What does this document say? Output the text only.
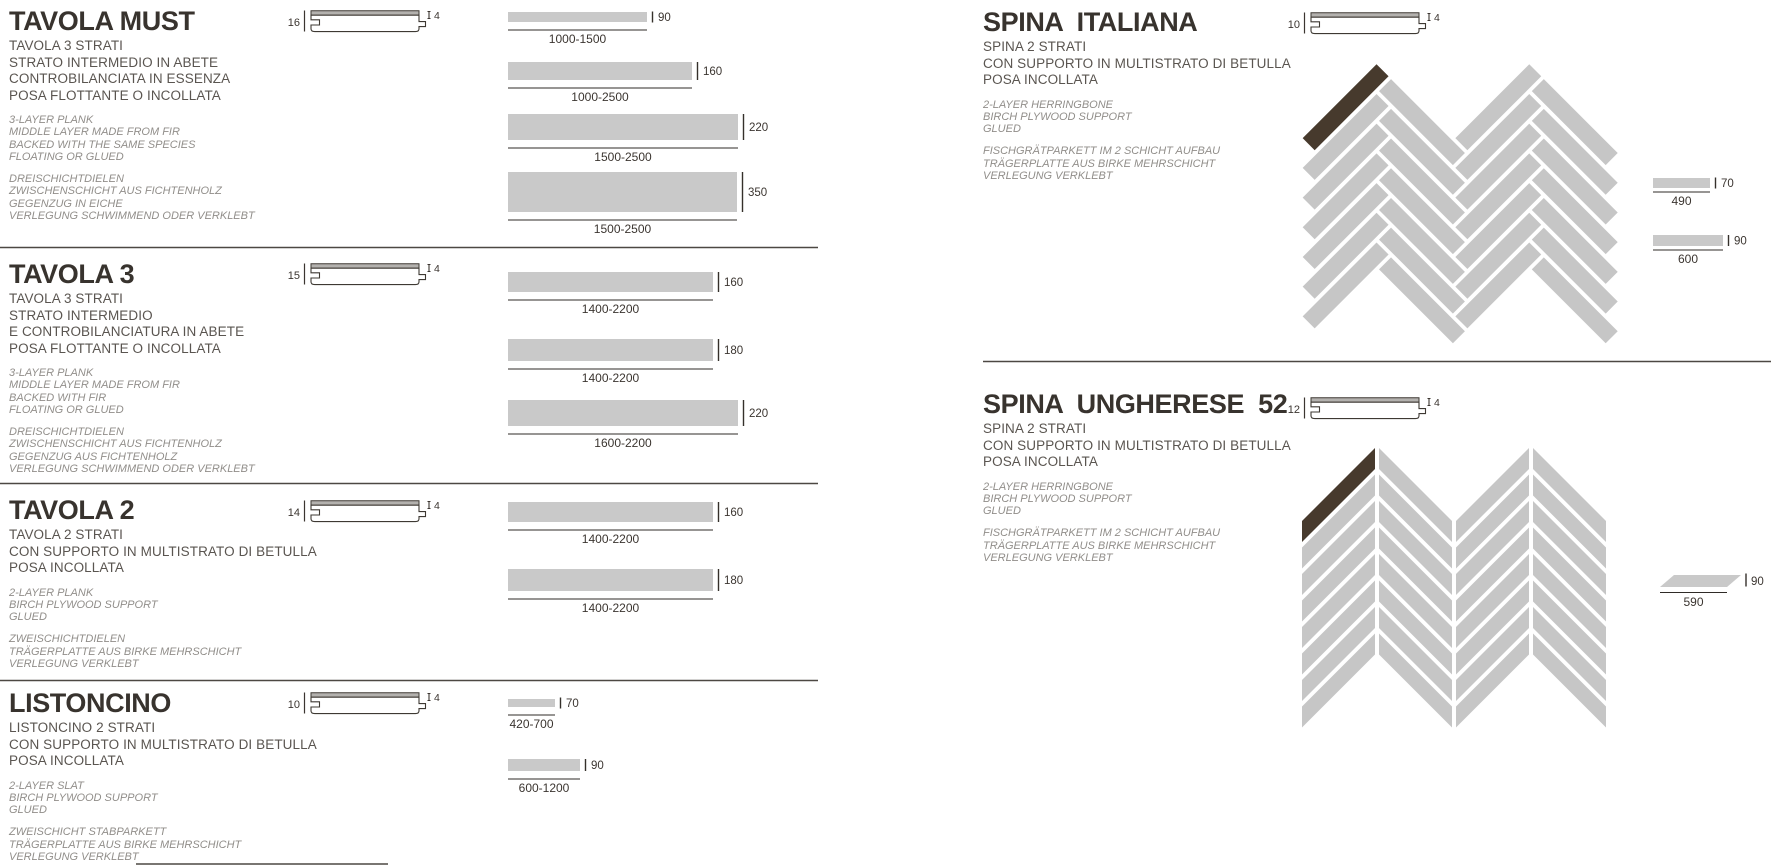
16
4
15
4
14
4
10
4
10
4
12
4
90
1000-1500
160
1000-2500
220
1500-2500
350
1500-2500
160
1400-2200
180
1400-2200
220
1600-2200
160
1400-2200
180
1400-2200
70
420-700
90
600-1200
70
490
90
600
90
590
TAVOLA MUST
TAVOLA 3 STRATI
STRATO INTERMEDIO IN ABETE
CONTROBILANCIATA IN ESSENZA
POSA FLOTTANTE O INCOLLATA
3-LAYER PLANK
MIDDLE LAYER MADE FROM FIR
BACKED WITH THE SAME SPECIES
FLOATING OR GLUED
DREISCHICHTDIELEN
ZWISCHENSCHICHT AUS FICHTENHOLZ
GEGENZUG IN EICHE
VERLEGUNG SCHWIMMEND ODER VERKLEBT
TAVOLA 3
TAVOLA 3 STRATI
STRATO INTERMEDIO
E CONTROBILANCIATURA IN ABETE
POSA FLOTTANTE O INCOLLATA
3-LAYER PLANK
MIDDLE LAYER MADE FROM FIR
BACKED WITH FIR
FLOATING OR GLUED
DREISCHICHTDIELEN
ZWISCHENSCHICHT AUS FICHTENHOLZ
GEGENZUG AUS FICHTENHOLZ
VERLEGUNG SCHWIMMEND ODER VERKLEBT
TAVOLA 2
TAVOLA 2 STRATI
CON SUPPORTO IN MULTISTRATO DI BETULLA
POSA INCOLLATA
2-LAYER PLANK
BIRCH PLYWOOD SUPPORT
GLUED
ZWEISCHICHTDIELEN
TRÄGERPLATTE AUS BIRKE MEHRSCHICHT
VERLEGUNG VERKLEBT
LISTONCINO
LISTONCINO 2 STRATI
CON SUPPORTO IN MULTISTRATO DI BETULLA
POSA INCOLLATA
2-LAYER SLAT
BIRCH PLYWOOD SUPPORT
GLUED
ZWEISCHICHT STABPARKETT
TRÄGERPLATTE AUS BIRKE MEHRSCHICHT
VERLEGUNG VERKLEBT
SPINA ITALIANA
SPINA 2 STRATI
CON SUPPORTO IN MULTISTRATO DI BETULLA
POSA INCOLLATA
2-LAYER HERRINGBONE
BIRCH PLYWOOD SUPPORT
GLUED
FISCHGRÄTPARKETT IM 2 SCHICHT AUFBAU
TRÄGERPLATTE AUS BIRKE MEHRSCHICHT
VERLEGUNG VERKLEBT
SPINA UNGHERESE 52
SPINA 2 STRATI
CON SUPPORTO IN MULTISTRATO DI BETULLA
POSA INCOLLATA
2-LAYER HERRINGBONE
BIRCH PLYWOOD SUPPORT
GLUED
FISCHGRÄTPARKETT IM 2 SCHICHT AUFBAU
TRÄGERPLATTE AUS BIRKE MEHRSCHICHT
VERLEGUNG VERKLEBT
